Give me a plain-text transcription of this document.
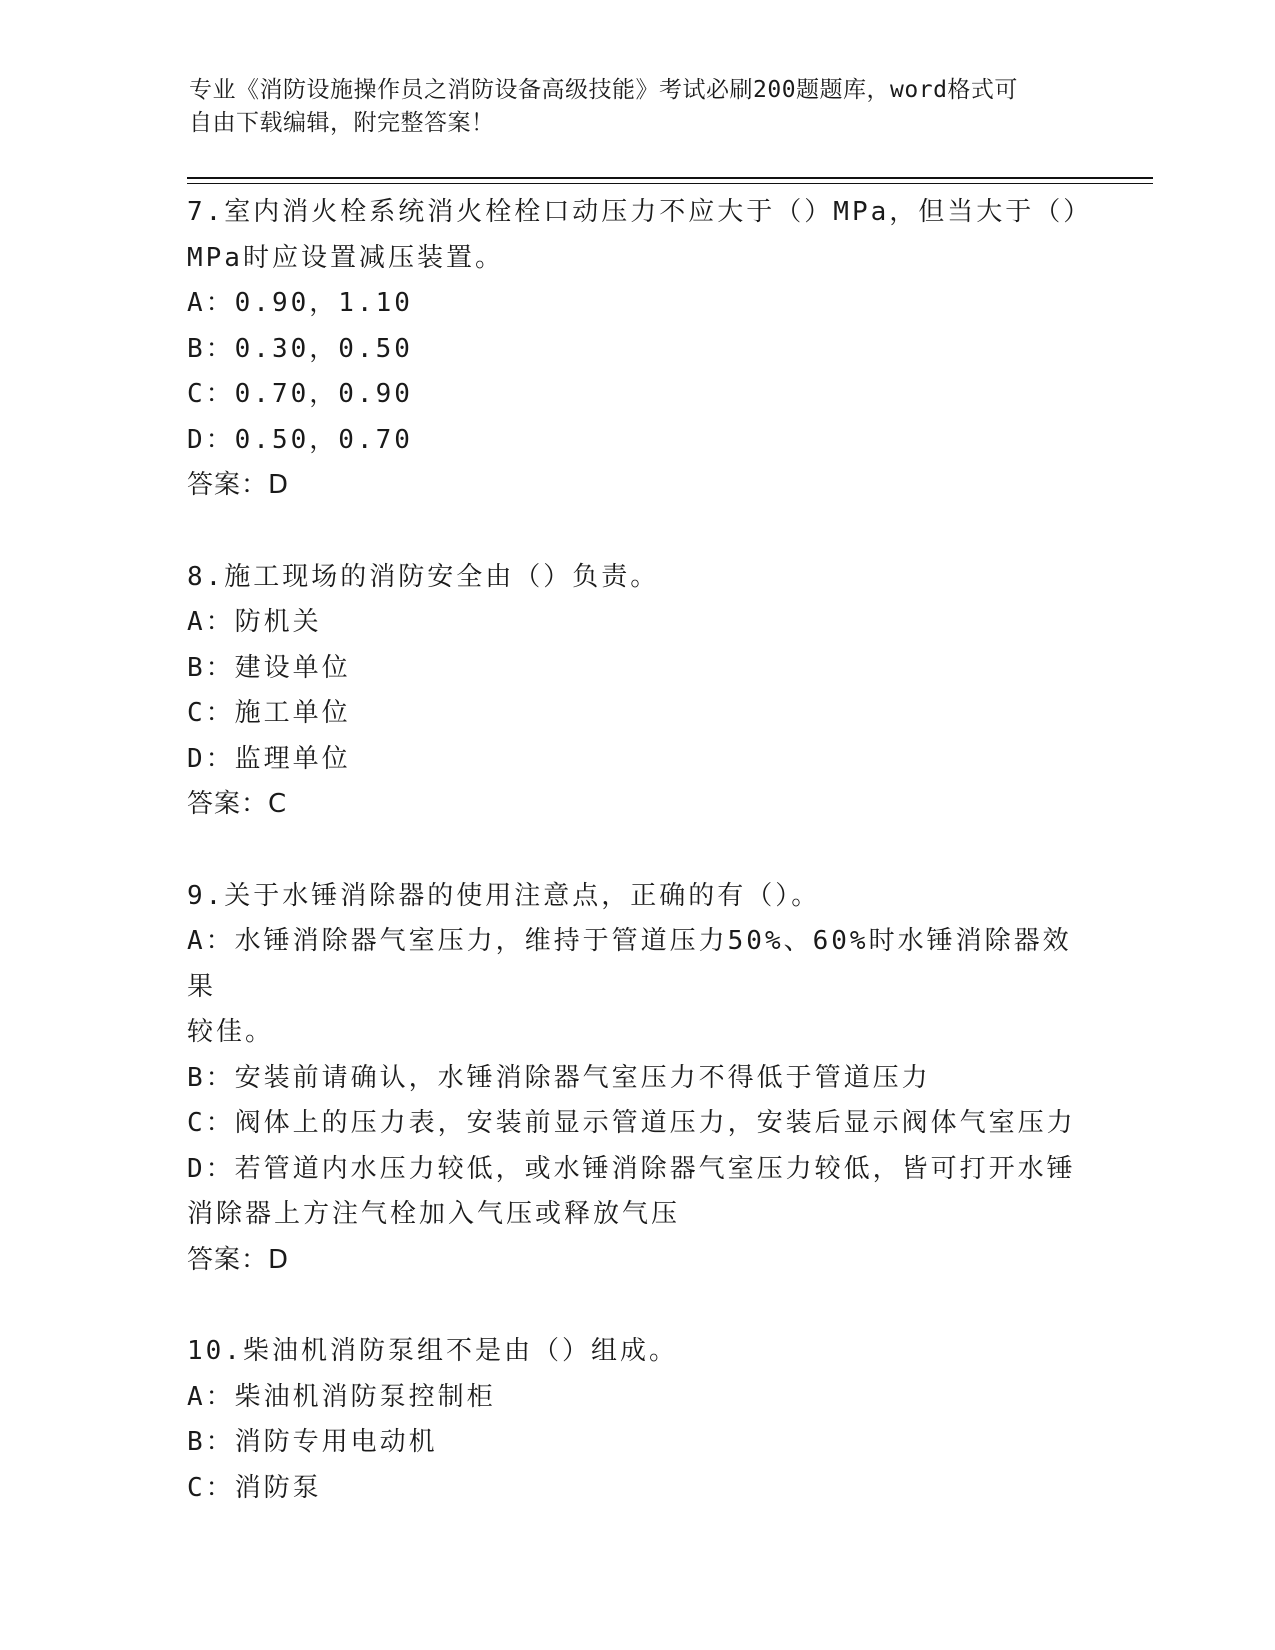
专业《消防设施操作员之消防设备高级技能》考试必刷200题题库，word格式可
自由下载编辑，附完整答案！
7.室内消火栓系统消火栓栓口动压力不应大于（）MPa，但当大于（）
MPa时应设置减压装置。
A：0.90，1.10
B：0.30，0.50
C：0.70，0.90
D：0.50，0.70
答案：D
8.施工现场的消防安全由（）负责。
A：防机关
B：建设单位
C：施工单位
D：监理单位
答案：C
9.关于水锤消除器的使用注意点，正确的有（）。
A：水锤消除器气室压力，维持于管道压力50%、60%时水锤消除器效果
较佳。
B：安装前请确认，水锤消除器气室压力不得低于管道压力
C：阀体上的压力表，安装前显示管道压力，安装后显示阀体气室压力
D：若管道内水压力较低，或水锤消除器气室压力较低，皆可打开水锤
消除器上方注气栓加入气压或释放气压
答案：D
10.柴油机消防泵组不是由（）组成。
A：柴油机消防泵控制柜
B：消防专用电动机
C：消防泵
